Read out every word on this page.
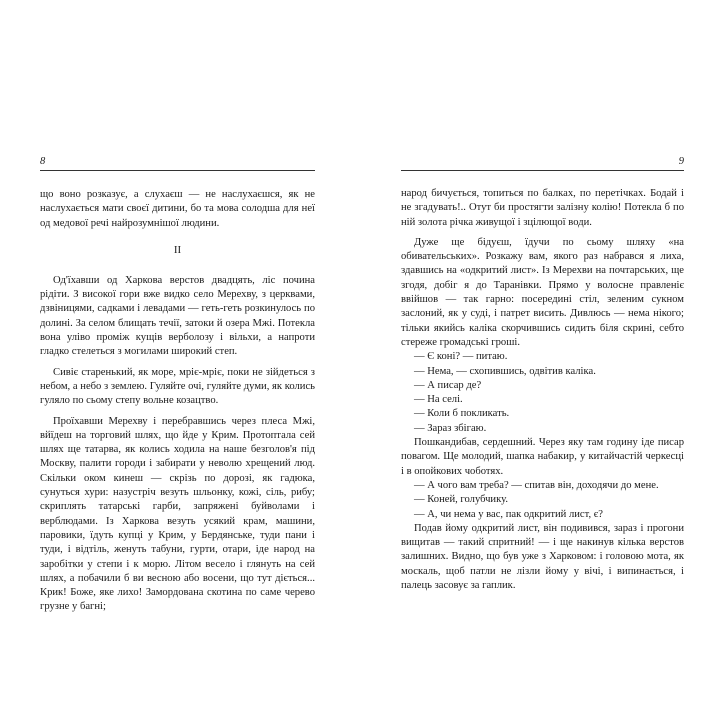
8

що воно розказує, а слухаєш — не наслухаєшся, як не наслухається мати своєї дитини, бо та мова солодша для неї од медової речі найрозумнішої людини.

II

Од'їхавши од Харкова верстов двадцять, ліс починa рідіти. З високої гори вже видко село Мерехву, з церквами, дзвіницями, садками і левадами — геть-геть розкинулось по долині. За селом блищать течії, затоки й озера Мжі. Потекла вона уліво проміж кущів верболозу і вільхи, а напроти гладко стелеться з могилами широкий степ.

Сивіє старенький, як море, мріє-мріє, поки не зійдеться з небом, а небо з землею. Гуляйте очі, гуляйте думи, як колись гуляло по сьому степу вольне козацтво.

Проїхавши Мерехву і перебравшись через плеса Мжі, вйїдеш на торговий шлях, що йде у Крим. Протоптала сей шлях ще татарва, як колись ходила на наше безголов'я під Москву, палити городи і забирати у неволю хрещений люд. Скільки оком кинеш — скрізь по дорозі, як гадюка, сунуться хури: назустріч везуть шльонку, кожі, сіль, рибу; скриплять татарські гарби, запряжені буйволами і верблюдами. Із Харкова везуть усякий крам, машини, паровики, їдуть купці у Крим, у Бердянське, туди пани і туди, і відтіль, женуть табуни, гурти, отари, іде народ на заробітки у степи і к морю. Літом весело і глянуть на сей шлях, а побачили б ви весною або восени, що тут діється... Крик! Боже, яке лихо! Замордована скотина по саме черево грузне у багні;

9

народ бичується, топиться по балках, по перетічках. Бодай і не згадувать!.. Отут би простягти залізну колію! Потекла б по ній золота річка живущої і зцілющої води.

Дуже ще бідуєш, їдучи по сьому шляху «на обивательських». Розкажу вам, якого раз набрався я лиха, здавшись на «одкритий лист». Із Мерехви на почтарських, ще згодя, добіг я до Таранівки. Прямо у волосне правленіє ввійшов — так гарно: посередині стіл, зеленим сукном заслоний, як у суді, і патрет висить. Дивлюсь — нема нікого; тільки якийсь каліка скорчившись сидить біля скрині, себто стереже громадські гроші.

— Є коні? — питаю.

— Нема, — схопившись, одвітив каліка.

— А писар де?

— На селі.

— Коли б покликать.

— Зараз збігаю.

Пошкандибав, сердешний. Через яку там годину іде писар повагом. Ще молодий, шапка набакир, у китайчастій черкесці і в опойкових чоботях.

— А чого вам треба? — спитав він, доходячи до мене.

— Коней, голубчику.

— А, чи нема у вас, пак одкритий лист, є?

Подав йому одкритий лист, він подивився, зараз і прогони вищитав — такий спритний! — і ще накинув кілька верстов залишних. Видно, що був уже з Харковом: і головою мота, як москаль, щоб патли не лізли йому у вічі, і випинається, і палець засовує за гаплик.
